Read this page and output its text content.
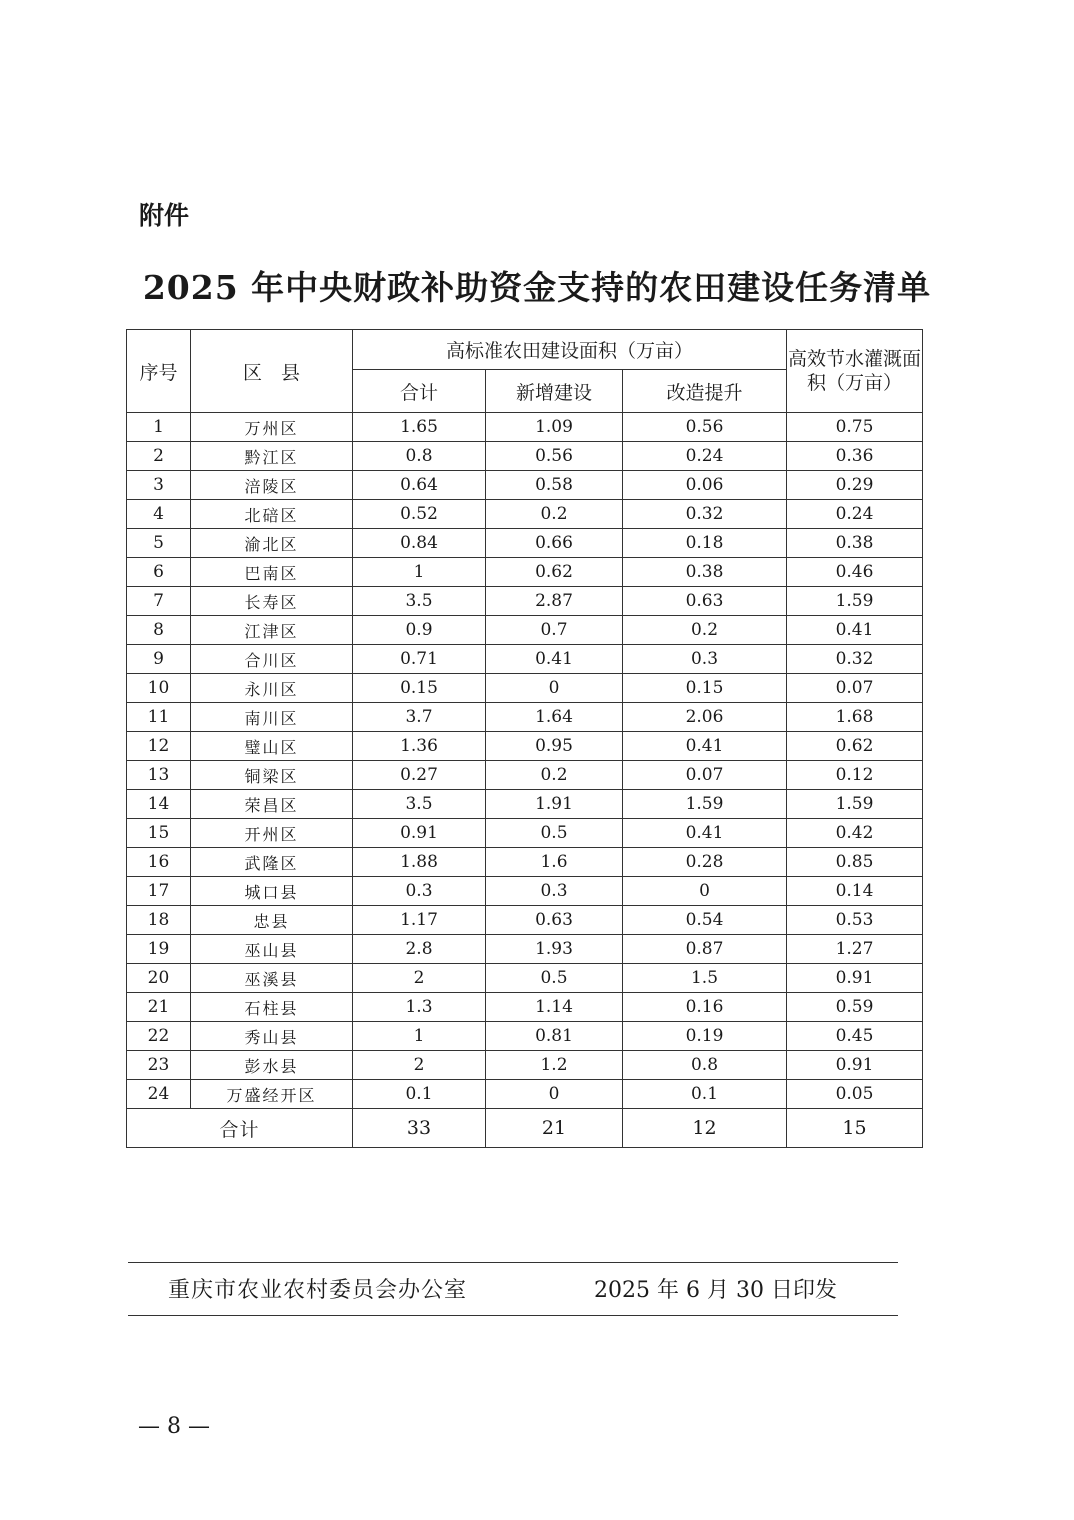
附件
2025 年中央财政补助资金支持的农田建设任务清单
序号	区　县	高标准农田建设面积（万亩）			高效节水灌溉面积（万亩）
		合计	新增建设	改造提升	
1	万州区	1.65	1.09	0.56	0.75
2	黔江区	0.8	0.56	0.24	0.36
3	涪陵区	0.64	0.58	0.06	0.29
4	北碚区	0.52	0.2	0.32	0.24
5	渝北区	0.84	0.66	0.18	0.38
6	巴南区	1	0.62	0.38	0.46
7	长寿区	3.5	2.87	0.63	1.59
8	江津区	0.9	0.7	0.2	0.41
9	合川区	0.71	0.41	0.3	0.32
10	永川区	0.15	0	0.15	0.07
11	南川区	3.7	1.64	2.06	1.68
12	璧山区	1.36	0.95	0.41	0.62
13	铜梁区	0.27	0.2	0.07	0.12
14	荣昌区	3.5	1.91	1.59	1.59
15	开州区	0.91	0.5	0.41	0.42
16	武隆区	1.88	1.6	0.28	0.85
17	城口县	0.3	0.3	0	0.14
18	忠县	1.17	0.63	0.54	0.53
19	巫山县	2.8	1.93	0.87	1.27
20	巫溪县	2	0.5	1.5	0.91
21	石柱县	1.3	1.14	0.16	0.59
22	秀山县	1	0.81	0.19	0.45
23	彭水县	2	1.2	0.8	0.91
24	万盛经开区	0.1	0	0.1	0.05
合计		33	21	12	15
重庆市农业农村委员会办公室	2025 年 6 月 30 日印发
— 8 —
